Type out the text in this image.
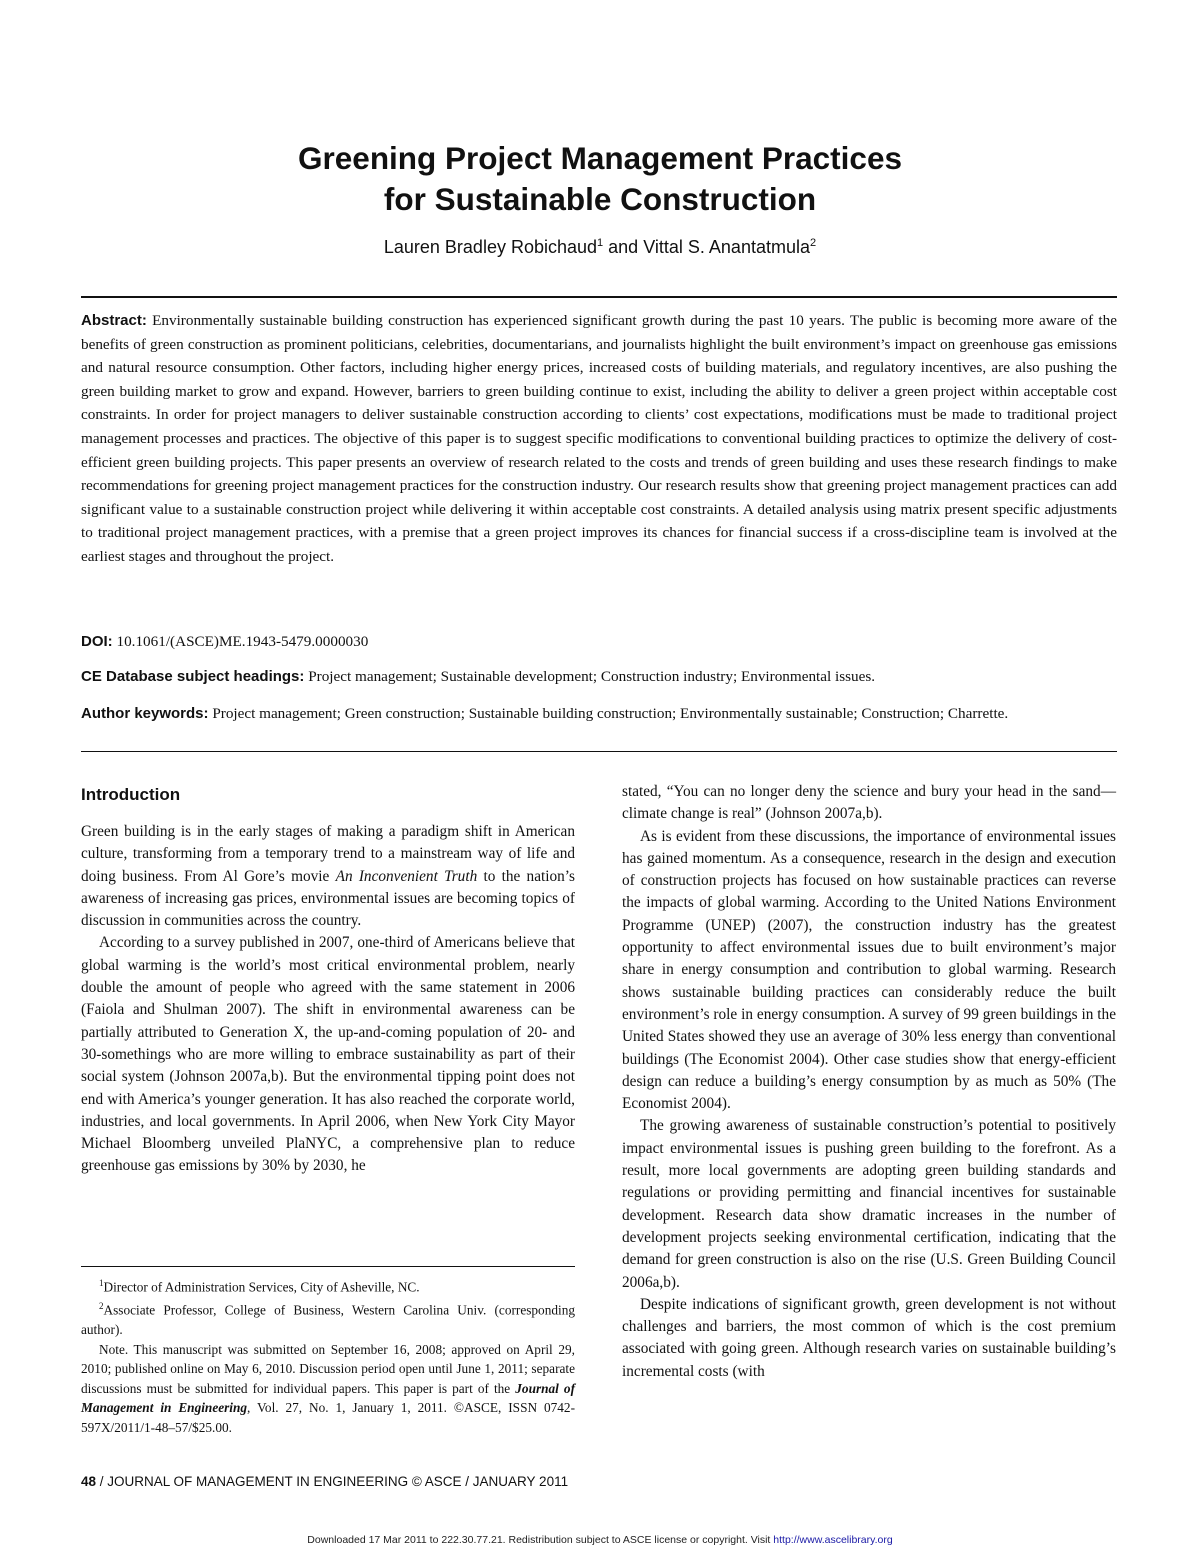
Greening Project Management Practices
for Sustainable Construction
Lauren Bradley Robichaud$^1$ and Vittal S. Anantatmula$^2$

Abstract: Environmentally sustainable building construction has experienced significant growth during the past 10 years. The public is becoming more aware of the benefits of green construction as prominent politicians, celebrities, documentarians, and journalists highlight the built environment’s impact on greenhouse gas emissions and natural resource consumption. Other factors, including higher energy prices, increased costs of building materials, and regulatory incentives, are also pushing the green building market to grow and expand. However, barriers to green building continue to exist, including the ability to deliver a green project within acceptable cost constraints. In order for project managers to deliver sustainable construction according to clients’ cost expectations, modifications must be made to traditional project management processes and practices. The objective of this paper is to suggest specific modifications to conventional building practices to optimize the delivery of cost-efficient green building projects. This paper presents an overview of research related to the costs and trends of green building and uses these research findings to make recommendations for greening project management practices for the construction industry. Our research results show that greening project management practices can add significant value to a sustainable construction project while delivering it within acceptable cost constraints. A detailed analysis using matrix present specific adjustments to traditional project management practices, with a premise that a green project improves its chances for financial success if a cross-discipline team is involved at the earliest stages and throughout the project.

DOI: 10.1061/(ASCE)ME.1943-5479.0000030

CE Database subject headings: Project management; Sustainable development; Construction industry; Environmental issues.

Author keywords: Project management; Green construction; Sustainable building construction; Environmentally sustainable; Construction; Charrette.

Introduction

Green building is in the early stages of making a paradigm shift in American culture, transforming from a temporary trend to a mainstream way of life and doing business. From Al Gore’s movie An Inconvenient Truth to the nation’s awareness of increasing gas prices, environmental issues are becoming topics of discussion in communities across the country.

According to a survey published in 2007, one-third of Americans believe that global warming is the world’s most critical environmental problem, nearly double the amount of people who agreed with the same statement in 2006 (Faiola and Shulman 2007). The shift in environmental awareness can be partially attributed to Generation X, the up-and-coming population of 20- and 30-somethings who are more willing to embrace sustainability as part of their social system (Johnson 2007a,b). But the environmental tipping point does not end with America’s younger generation. It has also reached the corporate world, industries, and local governments. In April 2006, when New York City Mayor Michael Bloomberg unveiled PlaNYC, a comprehensive plan to reduce greenhouse gas emissions by 30% by 2030, he

$^1$Director of Administration Services, City of Asheville, NC.

$^2$Associate Professor, College of Business, Western Carolina Univ. (corresponding author).

Note. This manuscript was submitted on September 16, 2008; approved on April 29, 2010; published online on May 6, 2010. Discussion period open until June 1, 2011; separate discussions must be submitted for individual papers. This paper is part of the Journal of Management in Engineering, Vol. 27, No. 1, January 1, 2011. ©ASCE, ISSN 0742-597X/2011/1-48–57/$25.00.

stated, “You can no longer deny the science and bury your head in the sand—climate change is real” (Johnson 2007a,b).

As is evident from these discussions, the importance of environmental issues has gained momentum. As a consequence, research in the design and execution of construction projects has focused on how sustainable practices can reverse the impacts of global warming. According to the United Nations Environment Programme (UNEP) (2007), the construction industry has the greatest opportunity to affect environmental issues due to built environment’s major share in energy consumption and contribution to global warming. Research shows sustainable building practices can considerably reduce the built environment’s role in energy consumption. A survey of 99 green buildings in the United States showed they use an average of 30% less energy than conventional buildings (The Economist 2004). Other case studies show that energy-efficient design can reduce a building’s energy consumption by as much as 50% (The Economist 2004).

The growing awareness of sustainable construction’s potential to positively impact environmental issues is pushing green building to the forefront. As a result, more local governments are adopting green building standards and regulations or providing permitting and financial incentives for sustainable development. Research data show dramatic increases in the number of development projects seeking environmental certification, indicating that the demand for green construction is also on the rise (U.S. Green Building Council 2006a,b).

Despite indications of significant growth, green development is not without challenges and barriers, the most common of which is the cost premium associated with going green. Although research varies on sustainable building’s incremental costs (with

48 / JOURNAL OF MANAGEMENT IN ENGINEERING © ASCE / JANUARY 2011
Downloaded 17 Mar 2011 to 222.30.77.21. Redistribution subject to ASCE license or copyright. Visit http://www.ascelibrary.org
